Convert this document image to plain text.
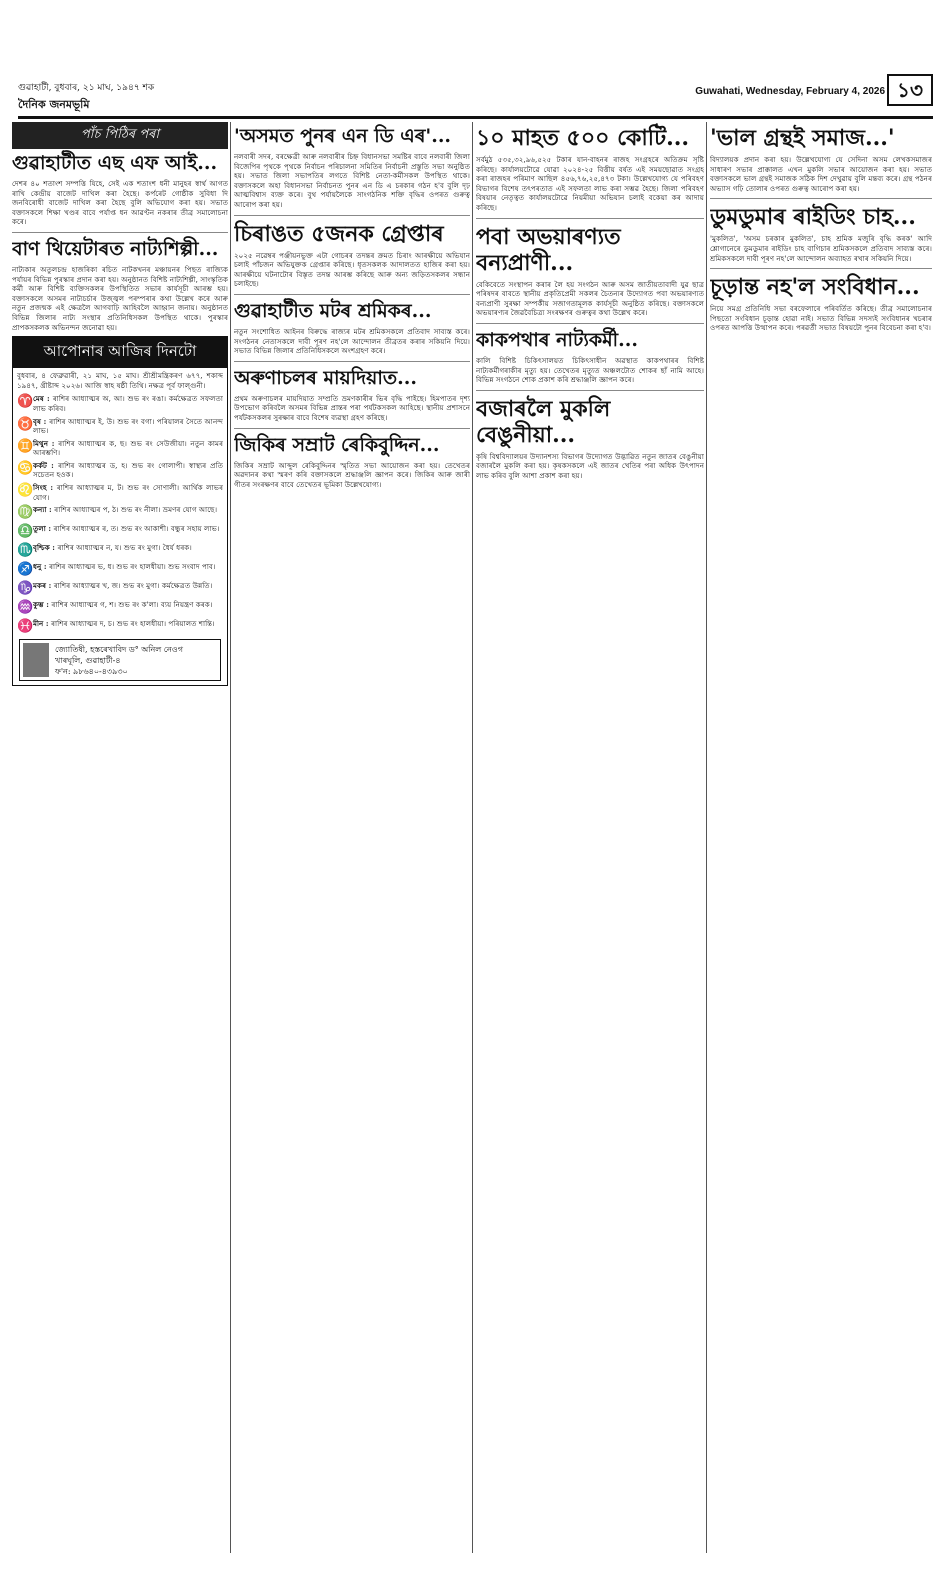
গুৱাহাটী, বুধবাৰ, ২১ মাঘ, ১৯৪৭ শক
দৈনিক জনমভূমি
Guwahati, Wednesday, February 4, 2026 ১৩
পাঁচ পিঠিৰ পৰা
গুৱাহাটীত এছ এফ আই...

দেশৰ ৪০ শতাংশ সম্পত্তি যিহে, সেই এক শতাংশ ধনী মানুহৰ স্বাৰ্থ আগত ৰাখি কেন্দ্ৰীয় বাজেট দাখিল কৰা হৈছে। কৰ্পৰেট গোষ্ঠীক সুবিধা দি জনবিৰোধী বাজেট দাখিল কৰা হৈছে বুলি অভিযোগ কৰা হয়। সভাত বক্তাসকলে শিক্ষা খণ্ডৰ বাবে পৰ্যাপ্ত ধন আৱণ্টন নকৰাৰ তীব্ৰ সমালোচনা কৰে।

বাণ থিয়েটাৰত নাট্যশিল্পী...

নাট্যকাৰ অতুলচন্দ্ৰ হাজৰিকা ৰচিত নাটকখনৰ মঞ্চায়নৰ পিছত ৰাজ্যিক পৰ্যায়ৰ বিভিন্ন পুৰস্কাৰ প্ৰদান কৰা হয়। অনুষ্ঠানত বিশিষ্ট নাট্যশিল্পী, সাংস্কৃতিক কৰ্মী আৰু বিশিষ্ট ব্যক্তিসকলৰ উপস্থিতিত সভাৰ কাৰ্যসূচী আৰম্ভ হয়। বক্তাসকলে অসমৰ নাট্যচৰ্চাৰ উজ্জ্বল পৰম্পৰাৰ কথা উল্লেখ কৰে আৰু নতুন প্ৰজন্মক এই ক্ষেত্ৰলৈ আগবাঢ়ি আহিবলৈ আহ্বান জনায়। অনুষ্ঠানত বিভিন্ন জিলাৰ নাট্য সংস্থাৰ প্ৰতিনিধিসকল উপস্থিত থাকে। পুৰস্কাৰ প্ৰাপকসকলক অভিনন্দন জনোৱা হয়।

আপোনাৰ আজিৰ দিনটো

বুধবাৰ, ৪ ফেব্ৰুৱাৰী, ২১ মাঘ, ১৫ মাঘ। শ্ৰীশ্ৰীমন্ত্ৰিকৰণ ৬৭৭, শকাব্দ ১৯৪৭, খ্ৰীষ্টাব্দ ২০২৬। আজি স্বাহ ষষ্ঠী তিথি। নক্ষত্ৰ পূৰ্ব ফাল্গুনী।

♈ মেষ : ৰাশিৰ আধ্যাত্মৰ অ, আ। শুভ ৰং ৰঙা। কৰ্মক্ষেত্ৰত সফলতা লাভ কৰিব।

♉ বৃষ : ৰাশিৰ আধ্যাত্মৰ ই, উ। শুভ ৰং বগা। পৰিয়ালৰ সৈতে আনন্দ লাভ।

♊ মিথুন : ৰাশিৰ আধ্যাত্মৰ ক, ছ। শুভ ৰং সেউজীয়া। নতুন কামৰ আৰম্ভণি।

♋ কৰ্কট : ৰাশিৰ আধ্যাত্মৰ ড, হ। শুভ ৰং গোলাপী। স্বাস্থ্যৰ প্ৰতি সচেতন হওক।

♌ সিংহ : ৰাশিৰ আধ্যাত্মৰ ম, ট। শুভ ৰং সোণালী। আৰ্থিক লাভৰ যোগ।

♍ কন্যা : ৰাশিৰ আধ্যাত্মৰ প, ঠ। শুভ ৰং নীলা। ভ্ৰমণৰ যোগ আছে।

♎ তুলা : ৰাশিৰ আধ্যাত্মৰ ৰ, ত। শুভ ৰং আকাশী। বন্ধুৰ সহায় লাভ।

♏ বৃশ্চিক : ৰাশিৰ আধ্যাত্মৰ ন, য। শুভ ৰং মুগা। ধৈৰ্য ধৰক।

♐ ধনু : ৰাশিৰ আধ্যাত্মৰ ভ, ধ। শুভ ৰং হালধীয়া। শুভ সংবাদ পাব।

♑ মকৰ : ৰাশিৰ আধ্যাত্মৰ খ, জ। শুভ ৰং মুগা। কৰ্মক্ষেত্ৰত উন্নতি।

♒ কুম্ভ : ৰাশিৰ আধ্যাত্মৰ গ, শ। শুভ ৰং ক'লা। ব্যয় নিয়ন্ত্ৰণ কৰক।

♓ মীন : ৰাশিৰ আধ্যাত্মৰ দ, চ। শুভ ৰং হালধীয়া। পৰিয়ালত শান্তি।

জ্যোতিষী, হস্তৰেখাবিদ ড° অনিল নেওগ
খাৰঘূলি, গুৱাহাটী-৪
ফ'ন: ৯৮৬৪০-৪৩৯৩০
'অসমত পুনৰ এন ডি এৰ'...

নলবাৰী সদৰ, বৰক্ষেত্ৰী আৰু নলবাৰীৰ চিহ্ন বিধানসভা সমষ্টিৰ বাবে নলবাৰী জিলা বিজেপিৰ পৃথকে পৃথকে নিৰ্বাচন পৰিচালনা সমিতিৰ নিৰ্বাচনী প্ৰস্তুতি সভা অনুষ্ঠিত হয়। সভাত জিলা সভাপতিৰ লগতে বিশিষ্ট নেতা-কৰ্মীসকল উপস্থিত থাকে। বক্তাসকলে অহা বিধানসভা নিৰ্বাচনত পুনৰ এন ডি এ চৰকাৰ গঠন হ'ব বুলি দৃঢ় আত্মবিশ্বাস ব্যক্ত কৰে। বুথ পৰ্যায়লৈকে সাংগঠনিক শক্তি বৃদ্ধিৰ ওপৰত গুৰুত্ব আৰোপ কৰা হয়।

চিৰাঙত ৫জনক গ্ৰেপ্তাৰ

২০২৫ নৱেম্বৰ পঞ্জীয়নভুক্ত এটা গোচৰৰ তদন্তৰ ক্ৰমত চিৰাং আৰক্ষীয়ে অভিযান চলাই পাঁচজন অভিযুক্তক গ্ৰেপ্তাৰ কৰিছে। ধৃতসকলক আদালতত হাজিৰ কৰা হয়। আৰক্ষীয়ে ঘটনাটোৰ বিস্তৃত তদন্ত আৰম্ভ কৰিছে আৰু অন্য জড়িতসকলৰ সন্ধান চলাইছে।

গুৱাহাটীত মটৰ শ্ৰমিকৰ...

নতুন সংশোধিত আইনৰ বিৰুদ্ধে ৰাজ্যৰ মটৰ শ্ৰমিকসকলে প্ৰতিবাদ সাব্যস্ত কৰে। সংগঠনৰ নেতাসকলে দাবী পূৰণ নহ'লে আন্দোলন তীব্ৰতৰ কৰাৰ সকিয়নি দিয়ে। সভাত বিভিন্ন জিলাৰ প্ৰতিনিধিসকলে অংশগ্ৰহণ কৰে।

অৰুণাচলৰ মায়দিয়াত...

প্ৰথম অৰুণাচলৰ মায়দিয়াত সম্প্ৰতি ভ্ৰমণকাৰীৰ ভিৰ বৃদ্ধি পাইছে। হিমপাতৰ দৃশ্য উপভোগ কৰিবলৈ অসমৰ বিভিন্ন প্ৰান্তৰ পৰা পৰ্যটকসকল আহিছে। স্থানীয় প্ৰশাসনে পৰ্যটকসকলৰ সুৰক্ষাৰ বাবে বিশেষ ব্যৱস্থা গ্ৰহণ কৰিছে।

জিকিৰ সম্ৰাট ৰেকিবুদ্দিন...

জিকিৰ সম্ৰাট আব্দুল ৰেকিবুদ্দিনৰ স্মৃতিত সভা আয়োজন কৰা হয়। তেখেতৰ অৱদানৰ কথা স্মৰণ কৰি বক্তাসকলে শ্ৰদ্ধাঞ্জলি জ্ঞাপন কৰে। জিকিৰ আৰু জাৰী গীতৰ সংৰক্ষণৰ বাবে তেখেতৰ ভূমিকা উল্লেখযোগ্য।

১০ মাহত ৫০০ কোটি...

সৰ্বমুঠ ৫৩৫,৩২,৯৬,৫২৫ টকাৰ যান-বাহনৰ ৰাজহ সংগ্ৰহৰে অতিক্ৰম সৃষ্টি কৰিছে। কাৰ্যালয়টোৱে যোৱা ২০২৪-২৫ বিত্তীয় বৰ্ষত এই সময়ছোৱাত সংগ্ৰহ কৰা ৰাজহৰ পৰিমাণ আছিল ৪৫৬,৭৬,২৫,৪৭৩ টকা। উল্লেখযোগ্য যে পৰিবহণ বিভাগৰ বিশেষ তৎপৰতাত এই সফলতা লাভ কৰা সম্ভৱ হৈছে। জিলা পৰিবহণ বিষয়াৰ নেতৃত্বত কাৰ্যালয়টোৱে নিয়মীয়া অভিযান চলাই বকেয়া কৰ আদায় কৰিছে।

পবা অভয়াৰণ্যত বন্যপ্ৰাণী...

বেকিবেতে সংস্থাপন কৰাৰ লৈ হয় সংগঠন আৰু অসম জাতীয়তাবাদী যুৱ ছাত্ৰ পৰিষদৰ বাবতে স্থানীয় প্ৰকৃতিপ্ৰেমী সকলৰ চৈতন্যৰ উদ্যোগত পবা অভয়াৰণ্যত বন্যপ্ৰাণী সুৰক্ষা সম্পৰ্কীয় সজাগতামূলক কাৰ্যসূচী অনুষ্ঠিত কৰিছে। বক্তাসকলে অভয়াৰণ্যৰ জৈৱবৈচিত্ৰ্য সংৰক্ষণৰ গুৰুত্বৰ কথা উল্লেখ কৰে।

কাকপথাৰ নাট্যকৰ্মী...

কালি বিশিষ্ট চিকিৎসালয়ত চিকিৎসাধীন অৱস্থাত কাকপথাৰৰ বিশিষ্ট নাট্যকৰ্মীগৰাকীৰ মৃত্যু হয়। তেখেতৰ মৃত্যুত অঞ্চলটোত শোকৰ ছাঁ নামি আহে। বিভিন্ন সংগঠনে শোক প্ৰকাশ কৰি শ্ৰদ্ধাঞ্জলি জ্ঞাপন কৰে।

বজাৰলৈ মুকলি বেঙুনীয়া...

কৃষি বিশ্ববিদ্যালয়ৰ উদ্যানশস্য বিভাগৰ উদ্যোগত উদ্ভাৱিত নতুন জাতৰ বেঙুনীয়া বজাৰলৈ মুকলি কৰা হয়। কৃষকসকলে এই জাতৰ খেতিৰ পৰা অধিক উৎপাদন লাভ কৰিব বুলি আশা প্ৰকাশ কৰা হয়।

'ভাল গ্ৰন্থই সমাজ...'

বিদ্যালয়ক প্ৰদান কৰা হয়। উল্লেখযোগ্য যে সেদিনা অসম লেখকসমাজৰ সাধাৰণ সভাৰ প্ৰাক্কালত এখন মুকলি সভাৰ আয়োজন কৰা হয়। সভাত বক্তাসকলে ভাল গ্ৰন্থই সমাজক সঠিক দিশ দেখুৱায় বুলি মন্তব্য কৰে। গ্ৰন্থ পঠনৰ অভ্যাস গঢ়ি তোলাৰ ওপৰত গুৰুত্ব আৰোপ কৰা হয়।

ডুমডুমাৰ ৰাইডিং চাহ...

'মুকলিত', 'অসম চৰকাৰ মুকলিত', চাহ শ্ৰমিক মজুৰি বৃদ্ধি কৰক' আদি শ্লোগানেৰে ডুমডুমাৰ ৰাইডিং চাহ বাগিচাৰ শ্ৰমিকসকলে প্ৰতিবাদ সাব্যস্ত কৰে। শ্ৰমিকসকলে দাবী পূৰণ নহ'লে আন্দোলন অব্যাহত ৰখাৰ সকিয়নি দিয়ে।

চূড়ান্ত নহ'ল সংবিধান...

নিয়ে সমগ্ৰ প্ৰতিনিধি সভা বৰফেলাৰে পৰিবৰ্তিত কৰিছে। তীব্ৰ সমালোচনাৰ পিছতো সংবিধান চূড়ান্ত হোৱা নাই। সভাত বিভিন্ন সদস্যই সংবিধানৰ খচৰাৰ ওপৰত আপত্তি উত্থাপন কৰে। পৰৱৰ্তী সভাত বিষয়টো পুনৰ বিবেচনা কৰা হ'ব।
